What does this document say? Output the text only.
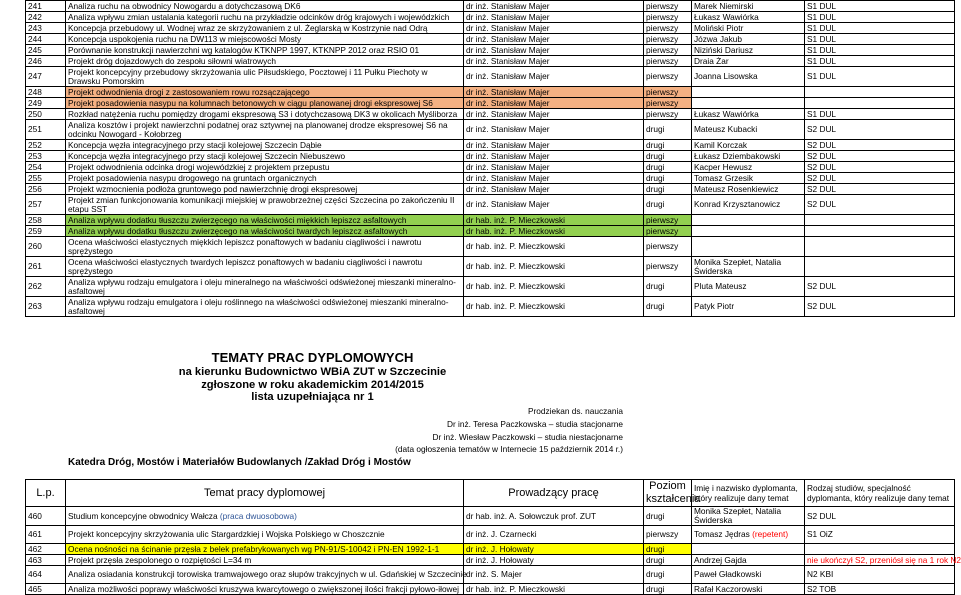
241	Analiza ruchu na obwodnicy Nowogardu a dotychczasową DK6	dr inż. Stanisław Majer	pierwszy	Marek Niemirski	S1 DUL
242	Analiza wpływu zmian ustalania kategorii ruchu na przykładzie odcinków dróg krajowych i wojewódzkich	dr inż. Stanisław Majer	pierwszy	Łukasz Wawiórka	S1 DUL
243	Koncepcja przebudowy ul. Wodnej wraz ze skrzyżowaniem z ul. Żeglarską w Kostrzynie nad Odrą	dr inż. Stanisław Majer	pierwszy	Moliński Piotr	S1 DUL
244	Koncepcja uspokojenia ruchu na DW113 w miejscowości Mosty	dr inż. Stanisław Majer	pierwszy	Józwa Jakub	S1 DUL
245	Porównanie konstrukcji nawierzchni wg katalogów KTKNPP 1997, KTKNPP 2012 oraz RSIO 01	dr inż. Stanisław Majer	pierwszy	Niziński Dariusz	S1 DUL
246	Projekt dróg dojazdowych do zespołu siłowni wiatrowych	dr inż. Stanisław Majer	pierwszy	Draia Żar	S1 DUL
247	Projekt koncepcyjny przebudowy skrzyżowania ulic Piłsudskiego, Pocztowej i 11 Pułku Piechoty w Drawsku Pomorskim	dr inż. Stanisław Majer	pierwszy	Joanna Lisowska	S1 DUL
248	Projekt odwodnienia drogi z zastosowaniem rowu rozsączającego	dr inż. Stanisław Majer	pierwszy		
249	Projekt posadowienia nasypu na kolumnach betonowych w ciągu planowanej drogi ekspresowej S6	dr inż. Stanisław Majer	pierwszy		
250	Rozkład natężenia ruchu pomiędzy drogami ekspresową S3 i dotychczasową DK3 w okolicach Myśliborza	dr inż. Stanisław Majer	pierwszy	Łukasz Wawiórka	S1 DUL
251	Analiza kosztów i projekt nawierzchni podatnej oraz sztywnej na planowanej drodze ekspresowej S6 na odcinku Nowogard - Kołobrzeg	dr inż. Stanisław Majer	drugi	Mateusz Kubacki	S2 DUL
252	Koncepcja węzła integracyjnego przy stacji kolejowej Szczecin Dąbie	dr inż. Stanisław Majer	drugi	Kamil Korczak	S2 DUL
253	Koncepcja węzła integracyjnego przy stacji kolejowej Szczecin Niebuszewo	dr inż. Stanisław Majer	drugi	Łukasz Dziembakowski	S2 DUL
254	Projekt odwodnienia odcinka drogi wojewódzkiej z projektem przepustu	dr inż. Stanisław Majer	drugi	Kacper Hewusz	S2 DUL
255	Projekt posadowienia nasypu drogowego na gruntach organicznych	dr inż. Stanisław Majer	drugi	Tomasz Grzesik	S2 DUL
256	Projekt wzmocnienia podłoża gruntowego pod nawierzchnię drogi ekspresowej	dr inż. Stanisław Majer	drugi	Mateusz Rosenkiewicz	S2 DUL
257	Projekt zmian funkcjonowania komunikacji miejskiej w prawobrzeżnej części Szczecina po zakończeniu II etapu SST	dr inż. Stanisław Majer	drugi	Konrad Krzysztanowicz	S2 DUL
258	Analiza wpływu dodatku tłuszczu zwierzęcego na właściwości miękkich lepiszcz asfaltowych	dr hab. inż. P. Mieczkowski	pierwszy		
259	Analiza wpływu dodatku tłuszczu zwierzęcego na właściwości twardych lepiszcz asfaltowych	dr hab. inż. P. Mieczkowski	pierwszy		
260	Ocena właściwości elastycznych miękkich lepiszcz ponaftowych w badaniu ciągliwości i nawrotu sprężystego	dr hab. inż. P. Mieczkowski	pierwszy		
261	Ocena właściwości elastycznych twardych lepiszcz ponaftowych w badaniu ciągliwości i nawrotu sprężystego	dr hab. inż. P. Mieczkowski	pierwszy	Monika Szepłet, Natalia Świderska	
262	Analiza wpływu rodzaju emulgatora i oleju mineralnego na właściwości odświeżonej mieszanki mineralno-asfaltowej	dr hab. inż. P. Mieczkowski	drugi	Pluta Mateusz	S2 DUL
263	Analiza wpływu rodzaju emulgatora i oleju roślinnego na właściwości odświeżonej mieszanki mineralno-asfaltowej	dr hab. inż. P. Mieczkowski	drugi	Patyk Piotr	S2 DUL
TEMATY PRAC DYPLOMOWYCH
na kierunku Budownictwo WBiA ZUT w Szczecinie
zgłoszone w roku akademickim 2014/2015
lista uzupełniająca nr 1
Prodziekan ds. nauczania
Dr inż. Teresa Paczkowska – studia stacjonarne
Dr inż. Wiesław Paczkowski – studia niestacjonarne
(data ogłoszenia tematów w Internecie 15 październik 2014 r.)
Katedra Dróg, Mostów i Materiałów Budowlanych /Zakład Dróg i Mostów
L.p.	Temat pracy dyplomowej	Prowadzący pracę	Poziom kształcenia	Imię i nazwisko dyplomanta, który realizuje dany temat	Rodzaj studiów, specjalność dyplomanta, który realizuje dany temat
460	Studium koncepcyjne obwodnicy Wałcza (praca dwuosobowa)	dr hab. inż. A. Sołowczuk prof. ZUT	drugi	Monika Szepłet, Natalia Świderska	S2 DUL
461	Projekt koncepcyjny skrzyżowania ulic Stargardzkiej i Wojska Polskiego w Choszcznie	dr inż. J. Czarnecki	pierwszy	Tomasz Jędras (repetent)	S1 OiZ
462	Ocena nośności na ścinanie przęsła z belek prefabrykowanych wg PN-91/S-10042 i PN-EN 1992-1-1	dr inż. J. Hołowaty	drugi		
463	Projekt przęsła zespolonego o rozpiętości L=34 m	dr inż. J. Hołowaty	drugi	Andrzej Gajda	nie ukończył S2, przeniósł się na 1 rok N2
464	Analiza osiadania konstrukcji torowiska tramwajowego oraz słupów trakcyjnych w ul. Gdańskiej w Szczecinie	dr inż. S. Majer	drugi	Paweł Gładkowski	N2 KBI
465	Analiza możliwości poprawy właściwości kruszywa kwarcytowego o zwiększonej ilości frakcji pyłowo-iłowej	dr hab. inż. P. Mieczkowski	drugi	Rafał Kaczorowski	S2 TOB
